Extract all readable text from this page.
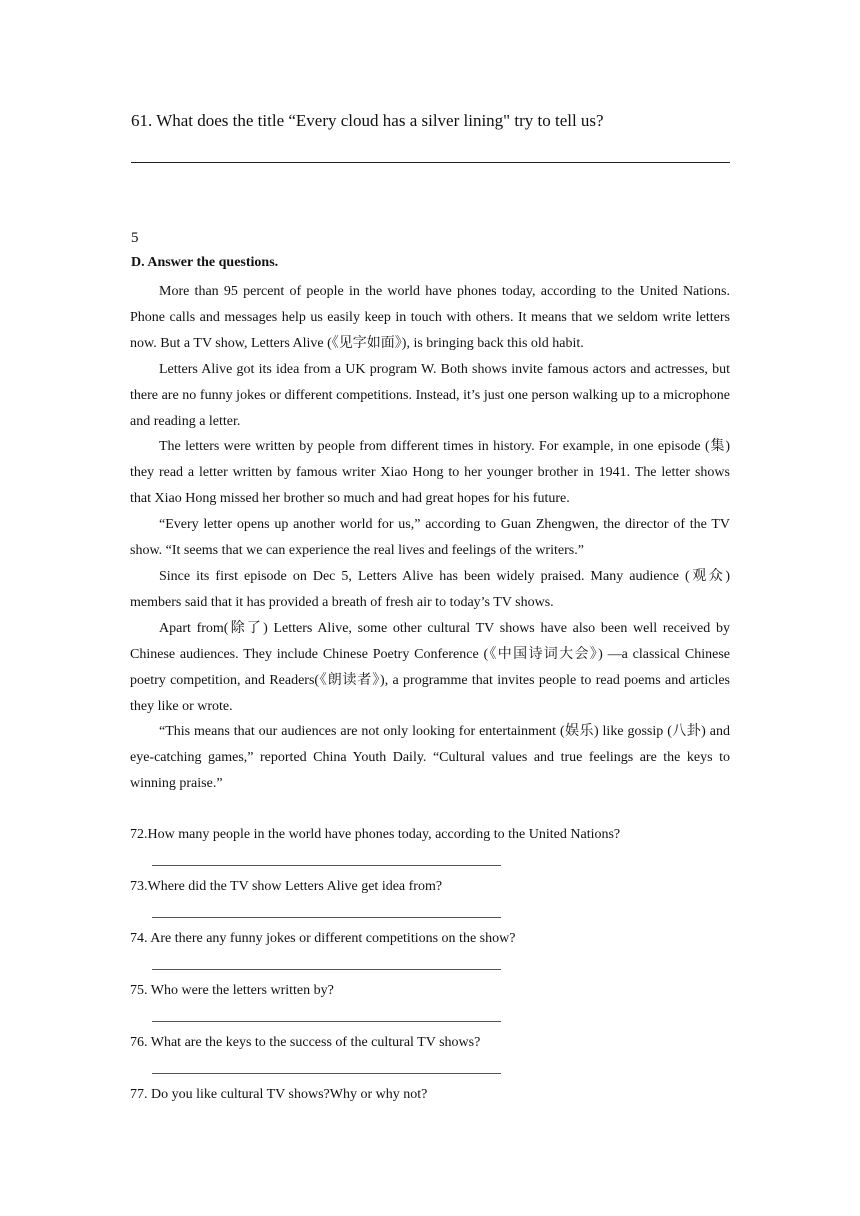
61. What does the title “Every cloud has a silver lining" try to tell us?
5
D. Answer the questions.

More than 95 percent of people in the world have phones today, according to the United Nations. Phone calls and messages help us easily keep in touch with others. It means that we seldom write letters now. But a TV show, Letters Alive (《见字如面》), is bringing back this old habit.

Letters Alive got its idea from a UK program W. Both shows invite famous actors and actresses, but there are no funny jokes or different competitions. Instead, it’s just one person walking up to a microphone and reading a letter.

The letters were written by people from different times in history. For example, in one episode (集) they read a letter written by famous writer Xiao Hong to her younger brother in 1941. The letter shows that Xiao Hong missed her brother so much and had great hopes for his future.

“Every letter opens up another world for us,” according to Guan Zhengwen, the director of the TV show. “It seems that we can experience the real lives and feelings of the writers.”

Since its first episode on Dec 5, Letters Alive has been widely praised. Many audience (观众) members said that it has provided a breath of fresh air to today’s TV shows.

Apart from(除了) Letters Alive, some other cultural TV shows have also been well received by Chinese audiences. They include Chinese Poetry Conference (《中国诗词大会》) —a classical Chinese poetry competition, and Readers(《朗读者》), a programme that invites people to read poems and articles they like or wrote.

“This means that our audiences are not only looking for entertainment (娱乐) like gossip (八卦) and eye-catching games,” reported China Youth Daily. “Cultural values and true feelings are the keys to winning praise.”

72.How many people in the world have phones today, according to the United Nations?
73.Where did the TV show Letters Alive get idea from?
74. Are there any funny jokes or different competitions on the show?
75. Who were the letters written by?
76. What are the keys to the success of the cultural TV shows?
77. Do you like cultural TV shows?Why or why not?
